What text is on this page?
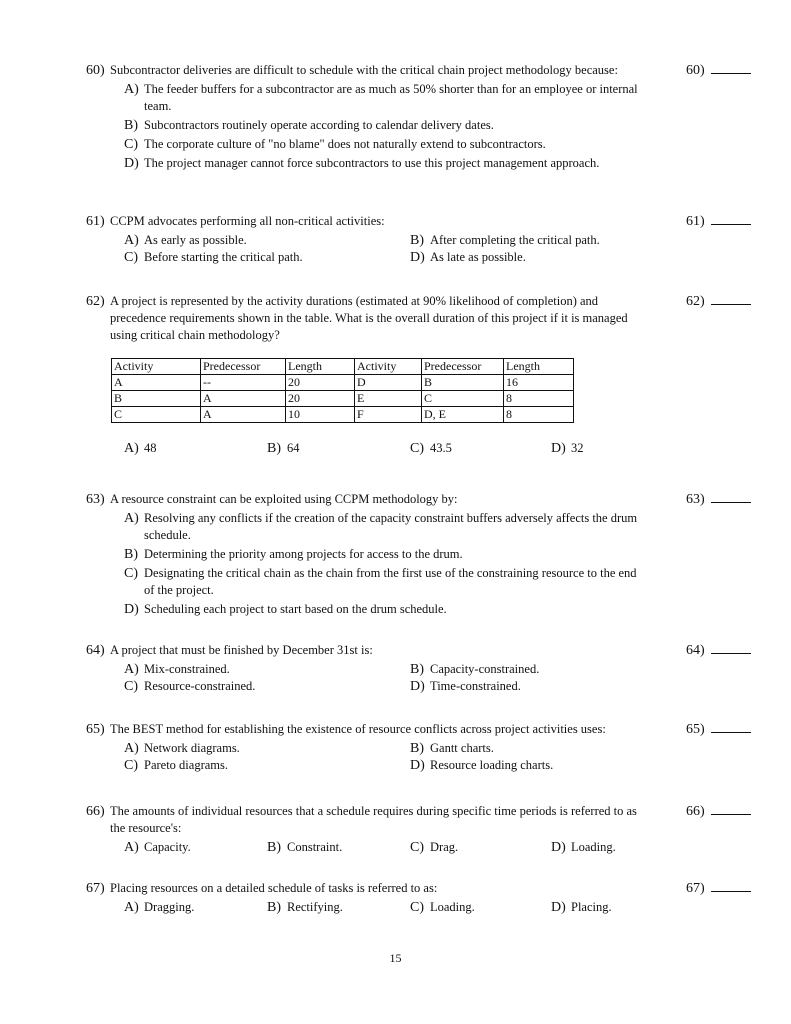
60) Subcontractor deliveries are difficult to schedule with the critical chain project methodology because:	60)
A) The feeder buffers for a subcontractor are as much as 50% shorter than for an employee or internal team.
B) Subcontractors routinely operate according to calendar delivery dates.
C) The corporate culture of "no blame" does not naturally extend to subcontractors.
D) The project manager cannot force subcontractors to use this project management approach.
61) CCPM advocates performing all non-critical activities:	61)
A) As early as possible.	B) After completing the critical path.
C) Before starting the critical path.	D) As late as possible.
62) A project is represented by the activity durations (estimated at 90% likelihood of completion) and precedence requirements shown in the table. What is the overall duration of this project if it is managed using critical chain methodology?
62)
Activity	Predecessor	Length	Activity	Predecessor	Length
A	--	20	D	B	16
B	A	20	E	C	8
C	A	10	F	D, E	8
A) 48	B) 64	C) 43.5	D) 32
63) A resource constraint can be exploited using CCPM methodology by:	63)
A) Resolving any conflicts if the creation of the capacity constraint buffers adversely affects the drum schedule.
B) Determining the priority among projects for access to the drum.
C) Designating the critical chain as the chain from the first use of the constraining resource to the end of the project.
D) Scheduling each project to start based on the drum schedule.
64) A project that must be finished by December 31st is:	64)
A) Mix-constrained.	B) Capacity-constrained.
C) Resource-constrained.	D) Time-constrained.
65) The BEST method for establishing the existence of resource conflicts across project activities uses:	65)
A) Network diagrams.	B) Gantt charts.
C) Pareto diagrams.	D) Resource loading charts.
66) The amounts of individual resources that a schedule requires during specific time periods is referred to as the resource's:
66)
A) Capacity.	B) Constraint.	C) Drag.	D) Loading.
67) Placing resources on a detailed schedule of tasks is referred to as:	67)
A) Dragging.	B) Rectifying.	C) Loading.	D) Placing.
15
